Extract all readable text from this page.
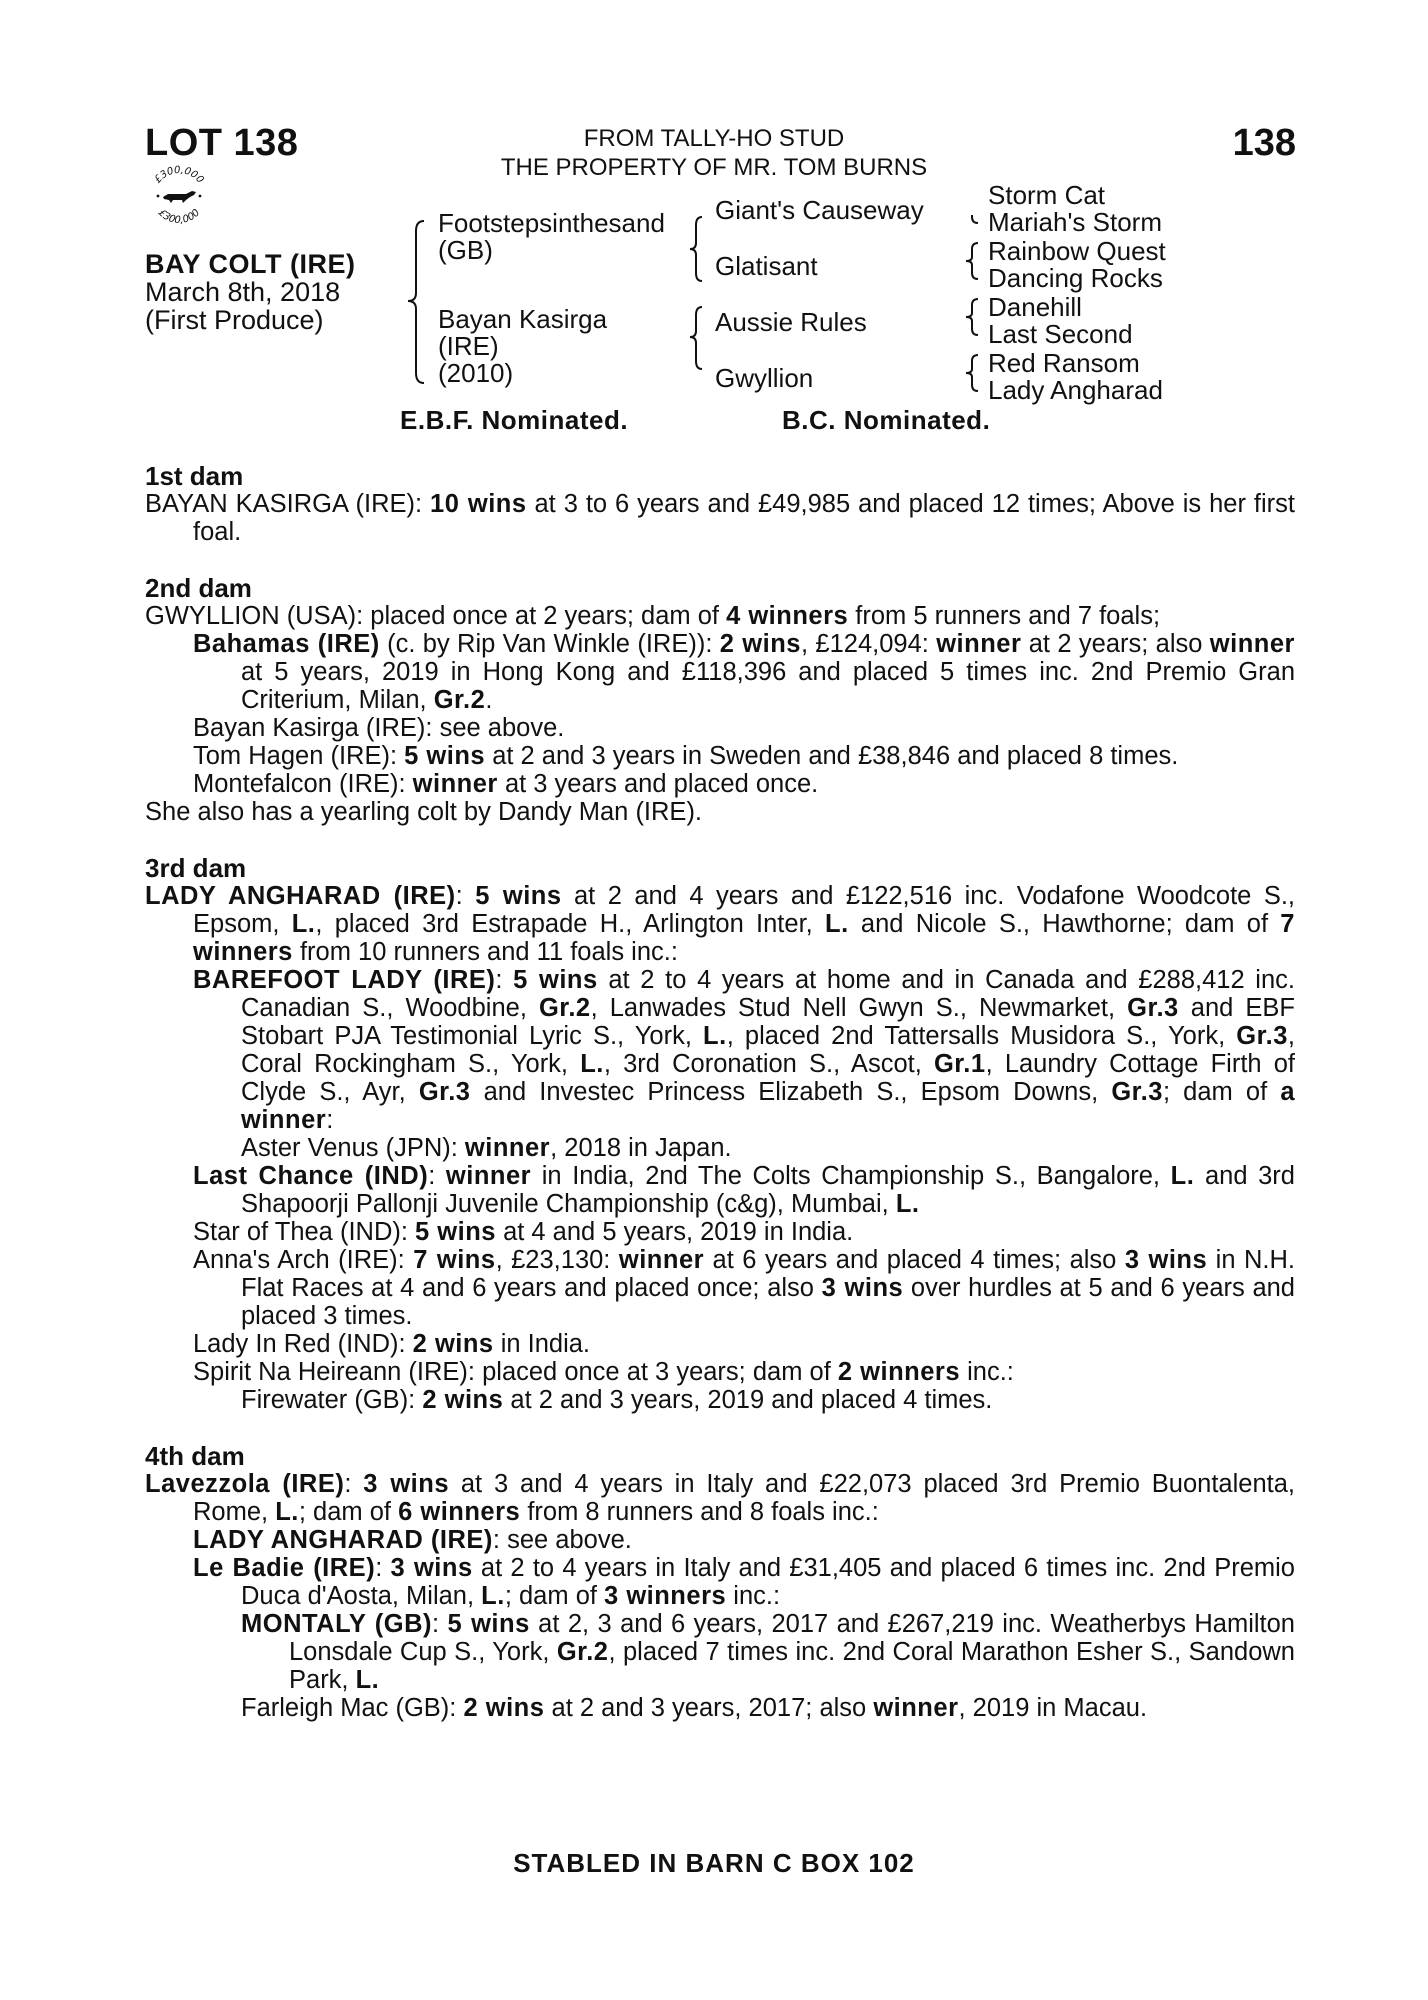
LOT 138	138
FROM TALLY-HO STUD
THE PROPERTY OF MR. TOM BURNS
£300,000
£300,000
BAY COLT (IRE)
March 8th, 2018
(First Produce)
Footstepsinthesand
(GB)
Bayan Kasirga
(IRE)
(2010)
Giant's Causeway
Glatisant
Aussie Rules
Gwyllion
Storm Cat
Mariah's Storm
Rainbow Quest
Dancing Rocks
Danehill
Last Second
Red Ransom
Lady Angharad
E.B.F. Nominated.	B.C. Nominated.
1st dam
BAYAN KASIRGA (IRE): 10 wins at 3 to 6 years and £49,985 and placed 12 times; Above is her first foal.
2nd dam
GWYLLION (USA): placed once at 2 years; dam of 4 winners from 5 runners and 7 foals;
Bahamas (IRE) (c. by Rip Van Winkle (IRE)): 2 wins, £124,094: winner at 2 years; also winner at 5 years, 2019 in Hong Kong and £118,396 and placed 5 times inc. 2nd Premio Gran Criterium, Milan, Gr.2.
Bayan Kasirga (IRE): see above.
Tom Hagen (IRE): 5 wins at 2 and 3 years in Sweden and £38,846 and placed 8 times.
Montefalcon (IRE): winner at 3 years and placed once.
She also has a yearling colt by Dandy Man (IRE).
3rd dam
LADY ANGHARAD (IRE): 5 wins at 2 and 4 years and £122,516 inc. Vodafone Woodcote S., Epsom, L., placed 3rd Estrapade H., Arlington Inter, L. and Nicole S., Hawthorne; dam of 7 winners from 10 runners and 11 foals inc.:
BAREFOOT LADY (IRE): 5 wins at 2 to 4 years at home and in Canada and £288,412 inc. Canadian S., Woodbine, Gr.2, Lanwades Stud Nell Gwyn S., Newmarket, Gr.3 and EBF Stobart PJA Testimonial Lyric S., York, L., placed 2nd Tattersalls Musidora S., York, Gr.3, Coral Rockingham S., York, L., 3rd Coronation S., Ascot, Gr.1, Laundry Cottage Firth of Clyde S., Ayr, Gr.3 and Investec Princess Elizabeth S., Epsom Downs, Gr.3; dam of a winner:
Aster Venus (JPN): winner, 2018 in Japan.
Last Chance (IND): winner in India, 2nd The Colts Championship S., Bangalore, L. and 3rd Shapoorji Pallonji Juvenile Championship (c&g), Mumbai, L.
Star of Thea (IND): 5 wins at 4 and 5 years, 2019 in India.
Anna's Arch (IRE): 7 wins, £23,130: winner at 6 years and placed 4 times; also 3 wins in N.H. Flat Races at 4 and 6 years and placed once; also 3 wins over hurdles at 5 and 6 years and placed 3 times.
Lady In Red (IND): 2 wins in India.
Spirit Na Heireann (IRE): placed once at 3 years; dam of 2 winners inc.:
Firewater (GB): 2 wins at 2 and 3 years, 2019 and placed 4 times.
4th dam
Lavezzola (IRE): 3 wins at 3 and 4 years in Italy and £22,073 placed 3rd Premio Buontalenta, Rome, L.; dam of 6 winners from 8 runners and 8 foals inc.:
LADY ANGHARAD (IRE): see above.
Le Badie (IRE): 3 wins at 2 to 4 years in Italy and £31,405 and placed 6 times inc. 2nd Premio Duca d'Aosta, Milan, L.; dam of 3 winners inc.:
MONTALY (GB): 5 wins at 2, 3 and 6 years, 2017 and £267,219 inc. Weatherbys Hamilton Lonsdale Cup S., York, Gr.2, placed 7 times inc. 2nd Coral Marathon Esher S., Sandown Park, L.
Farleigh Mac (GB): 2 wins at 2 and 3 years, 2017; also winner, 2019 in Macau.
STABLED IN BARN C BOX 102
